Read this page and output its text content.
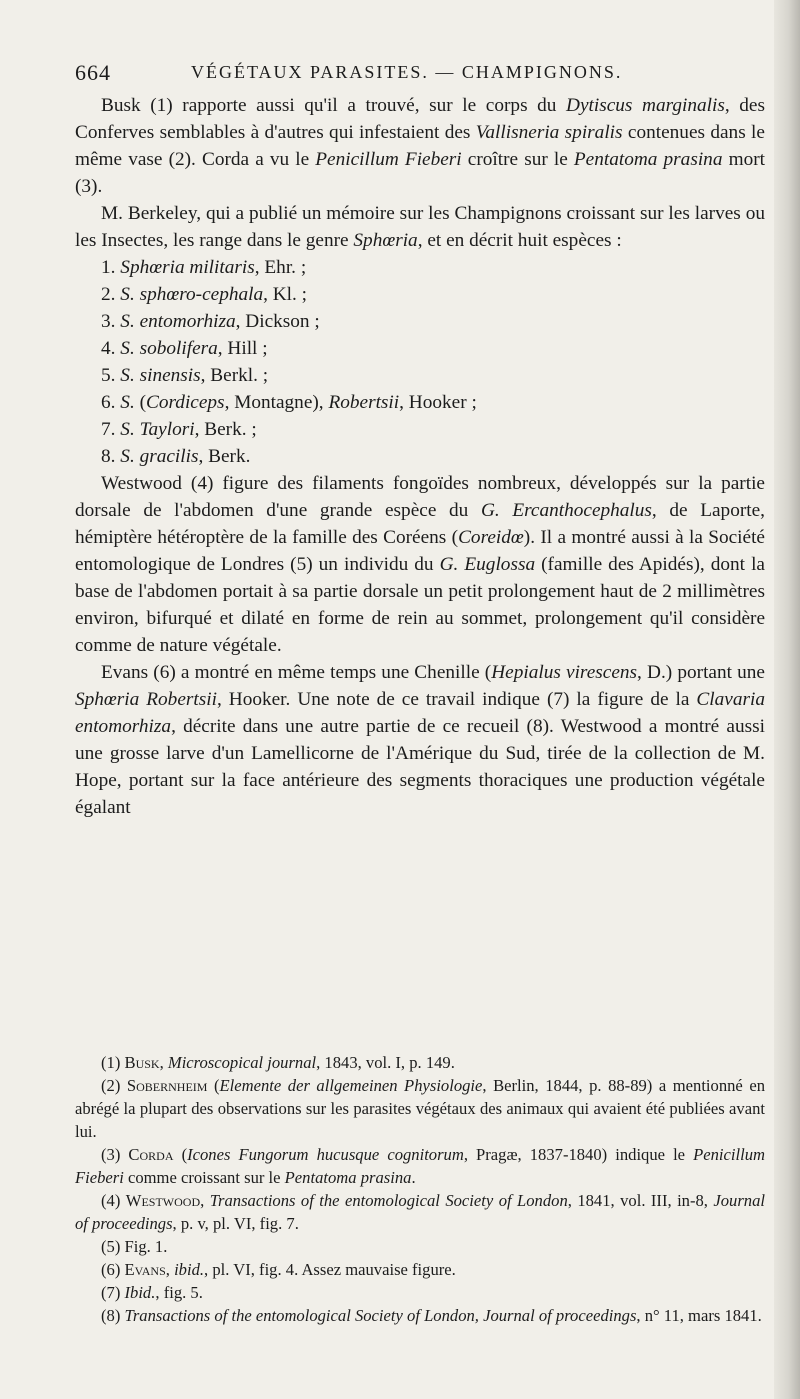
664	VÉGÉTAUX PARASITES. — CHAMPIGNONS.

Busk (1) rapporte aussi qu'il a trouvé, sur le corps du Dytiscus marginalis, des Conferves semblables à d'autres qui infestaient des Vallisneria spiralis contenues dans le même vase (2). Corda a vu le Penicillum Fieberi croître sur le Pentatoma prasina mort (3).

M. Berkeley, qui a publié un mémoire sur les Champignons croissant sur les larves ou les Insectes, les range dans le genre Sphœria, et en décrit huit espèces :

1. Sphœria militaris, Ehr. ;

2. S. sphœro-cephala, Kl. ;

3. S. entomorhiza, Dickson ;

4. S. sobolifera, Hill ;

5. S. sinensis, Berkl. ;

6. S. (Cordiceps, Montagne), Robertsii, Hooker ;

7. S. Taylori, Berk. ;

8. S. gracilis, Berk.

Westwood (4) figure des filaments fongoïdes nombreux, développés sur la partie dorsale de l'abdomen d'une grande espèce du G. Ercanthocephalus, de Laporte, hémiptère hétéroptère de la famille des Coréens (Coreidœ). Il a montré aussi à la Société entomologique de Londres (5) un individu du G. Euglossa (famille des Apidés), dont la base de l'abdomen portait à sa partie dorsale un petit prolongement haut de 2 millimètres environ, bifurqué et dilaté en forme de rein au sommet, prolongement qu'il considère comme de nature végétale.

Evans (6) a montré en même temps une Chenille (Hepialus virescens, D.) portant une Sphœria Robertsii, Hooker. Une note de ce travail indique (7) la figure de la Clavaria entomorhiza, décrite dans une autre partie de ce recueil (8). Westwood a montré aussi une grosse larve d'un Lamellicorne de l'Amérique du Sud, tirée de la collection de M. Hope, portant sur la face antérieure des segments thoraciques une production végétale égalant

(1) Busk, Microscopical journal, 1843, vol. I, p. 149.

(2) Sobernheim (Elemente der allgemeinen Physiologie, Berlin, 1844, p. 88-89) a mentionné en abrégé la plupart des observations sur les parasites végétaux des animaux qui avaient été publiées avant lui.

(3) Corda (Icones Fungorum hucusque cognitorum, Pragæ, 1837-1840) indique le Penicillum Fieberi comme croissant sur le Pentatoma prasina.

(4) Westwood, Transactions of the entomological Society of London, 1841, vol. III, in-8, Journal of proceedings, p. v, pl. VI, fig. 7.

(5) Fig. 1.

(6) Evans, ibid., pl. VI, fig. 4. Assez mauvaise figure.

(7) Ibid., fig. 5.

(8) Transactions of the entomological Society of London, Journal of proceedings, n° 11, mars 1841.
